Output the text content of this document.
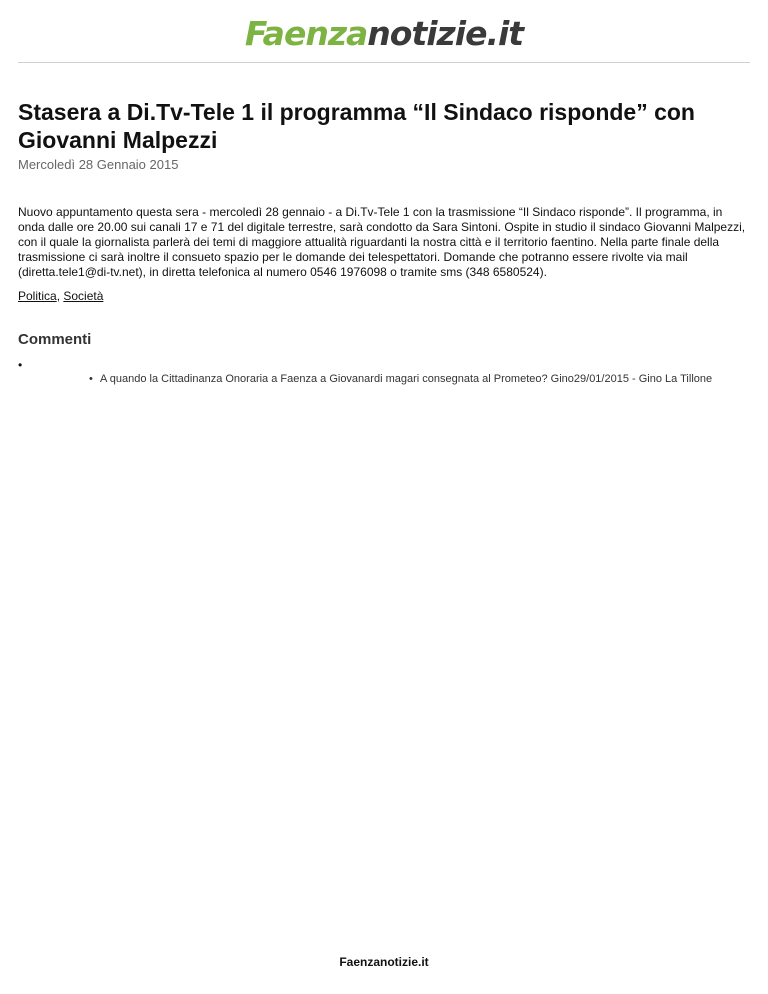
Faenzanotizie.it
Stasera a Di.Tv-Tele 1 il programma “Il Sindaco risponde” con Giovanni Malpezzi
Mercoledì 28 Gennaio 2015

Nuovo appuntamento questa sera - mercoledì 28 gennaio - a Di.Tv-Tele 1 con la trasmissione “Il Sindaco risponde”. Il programma, in onda dalle ore 20.00 sui canali 17 e 71 del digitale terrestre, sarà condotto da Sara Sintoni. Ospite in studio il sindaco Giovanni Malpezzi, con il quale la giornalista parlerà dei temi di maggiore attualità riguardanti la nostra città e il territorio faentino. Nella parte finale della trasmissione ci sarà inoltre il consueto spazio per le domande dei telespettatori. Domande che potranno essere rivolte via mail (diretta.tele1@di-tv.net), in diretta telefonica al numero 0546 1976098 o tramite sms (348 6580524).

Politica, Società
Commenti
•
• A quando la Cittadinanza Onoraria a Faenza a Giovanardi magari consegnata al Prometeo? Gino29/01/2015 - Gino La Tillone
Faenzanotizie.it
